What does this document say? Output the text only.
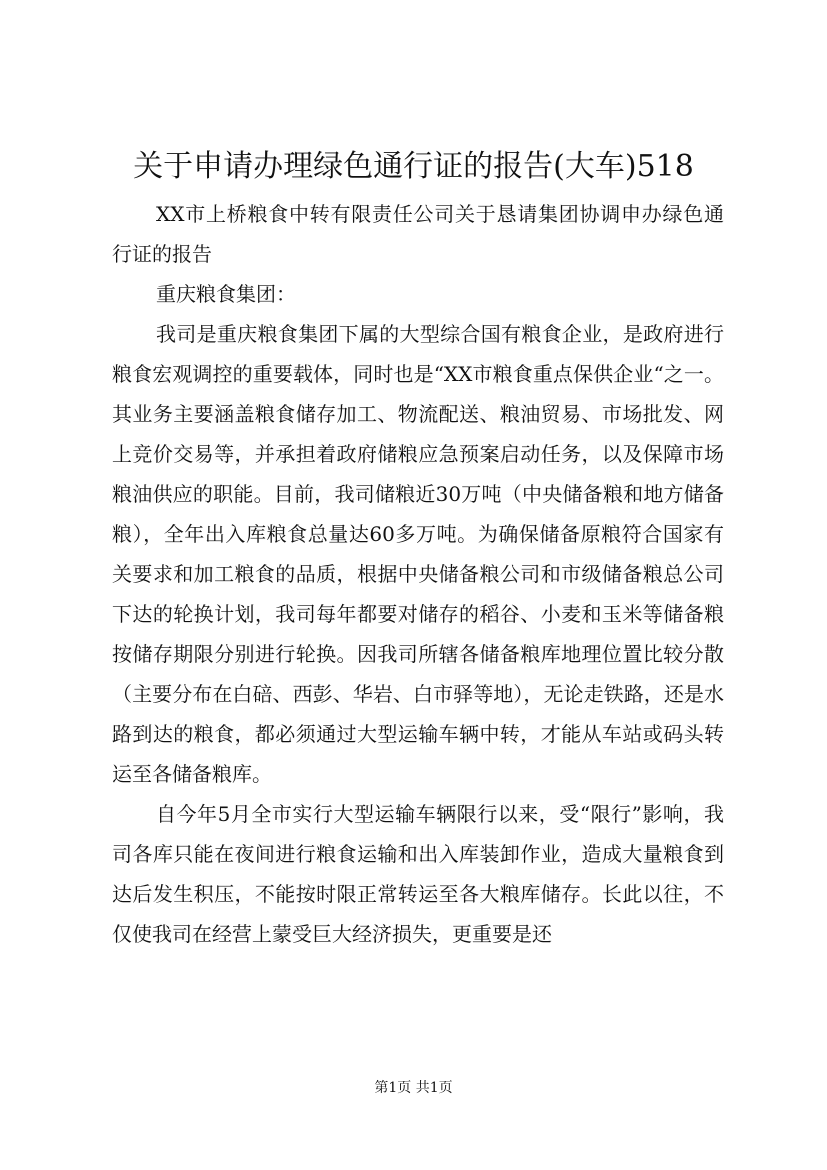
关于申请办理绿色通行证的报告(大车)518

XX市上桥粮食中转有限责任公司关于恳请集团协调申办绿色通行证的报告

重庆粮食集团：

我司是重庆粮食集团下属的大型综合国有粮食企业，是政府进行粮食宏观调控的重要载体，同时也是“XX市粮食重点保供企业“之一。其业务主要涵盖粮食储存加工、物流配送、粮油贸易、市场批发、网上竞价交易等，并承担着政府储粮应急预案启动任务，以及保障市场粮油供应的职能。目前，我司储粮近30万吨（中央储备粮和地方储备粮），全年出入库粮食总量达60多万吨。为确保储备原粮符合国家有关要求和加工粮食的品质，根据中央储备粮公司和市级储备粮总公司下达的轮换计划，我司每年都要对储存的稻谷、小麦和玉米等储备粮按储存期限分别进行轮换。因我司所辖各储备粮库地理位置比较分散（主要分布在白碚、西彭、华岩、白市驿等地），无论走铁路，还是水路到达的粮食，都必须通过大型运输车辆中转，才能从车站或码头转运至各储备粮库。

自今年5月全市实行大型运输车辆限行以来，受“限行”影响，我司各库只能在夜间进行粮食运输和出入库装卸作业，造成大量粮食到达后发生积压，不能按时限正常转运至各大粮库储存。长此以往，不仅使我司在经营上蒙受巨大经济损失，更重要是还

第1页 共1页
